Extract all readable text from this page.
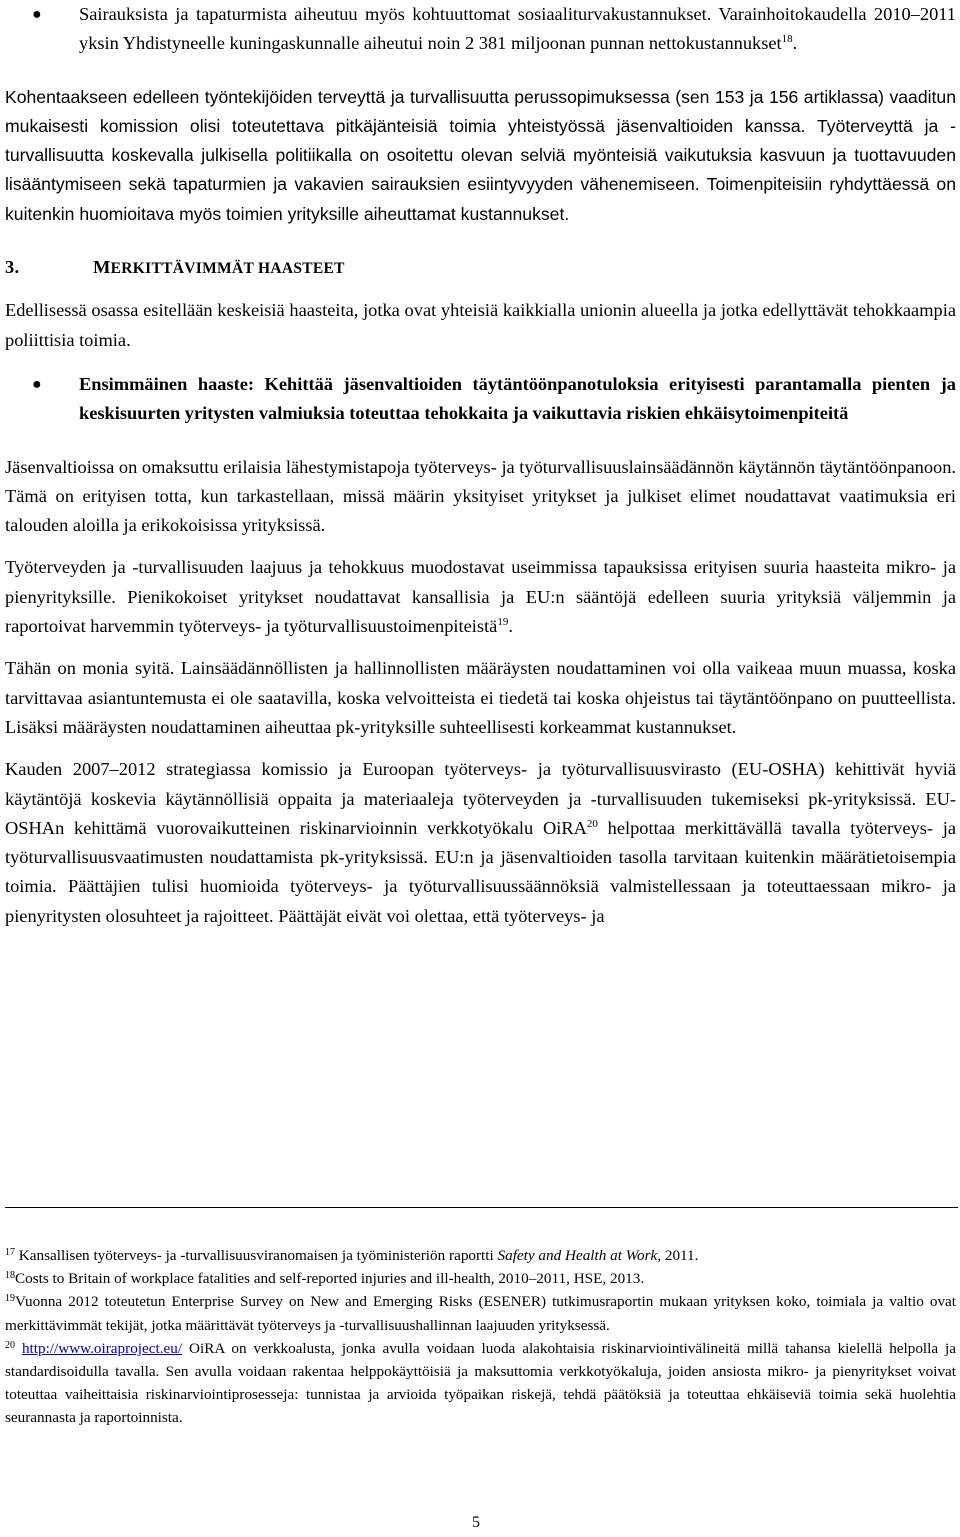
● Sairauksista ja tapaturmista aiheutuu myös kohtuuttomat sosiaaliturvakustannukset. Varainhoitokaudella 2010–2011 yksin Yhdistyneelle kuningaskunnalle aiheutui noin 2 381 miljoonan punnan nettokustannukset$^{18}$.

Kohentaakseen edelleen työntekijöiden terveyttä ja turvallisuutta perussopimuksessa (sen 153 ja 156 artiklassa) vaaditun mukaisesti komission olisi toteutettava pitkäjänteisiä toimia yhteistyössä jäsenvaltioiden kanssa. Työterveyttä ja -turvallisuutta koskevalla julkisella politiikalla on osoitettu olevan selviä myönteisiä vaikutuksia kasvuun ja tuottavuuden lisääntymiseen sekä tapaturmien ja vakavien sairauksien esiintyvyyden vähenemiseen. Toimenpiteisiin ryhdyttäessä on kuitenkin huomioitava myös toimien yrityksille aiheuttamat kustannukset.

3.	MERKITTÄVIMMÄT HAASTEET

Edellisessä osassa esitellään keskeisiä haasteita, jotka ovat yhteisiä kaikkialla unionin alueella ja jotka edellyttävät tehokkaampia poliittisia toimia.

● Ensimmäinen haaste: Kehittää jäsenvaltioiden täytäntöönpanotuloksia erityisesti parantamalla pienten ja keskisuurten yritysten valmiuksia toteuttaa tehokkaita ja vaikuttavia riskien ehkäisytoimenpiteitä

Jäsenvaltioissa on omaksuttu erilaisia lähestymistapoja työterveys- ja työturvallisuuslainsäädännön käytännön täytäntöönpanoon. Tämä on erityisen totta, kun tarkastellaan, missä määrin yksityiset yritykset ja julkiset elimet noudattavat vaatimuksia eri talouden aloilla ja erikokoisissa yrityksissä.

Työterveyden ja -turvallisuuden laajuus ja tehokkuus muodostavat useimmissa tapauksissa erityisen suuria haasteita mikro- ja pienyrityksille. Pienikokoiset yritykset noudattavat kansallisia ja EU:n sääntöjä edelleen suuria yrityksiä väljemmin ja raportoivat harvemmin työterveys- ja työturvallisuustoimenpiteistä$^{19}$.

Tähän on monia syitä. Lainsäädännöllisten ja hallinnollisten määräysten noudattaminen voi olla vaikeaa muun muassa, koska tarvittavaa asiantuntemusta ei ole saatavilla, koska velvoitteista ei tiedetä tai koska ohjeistus tai täytäntöönpano on puutteellista. Lisäksi määräysten noudattaminen aiheuttaa pk-yrityksille suhteellisesti korkeammat kustannukset.

Kauden 2007–2012 strategiassa komissio ja Euroopan työterveys- ja työturvallisuusvirasto (EU-OSHA) kehittivät hyviä käytäntöjä koskevia käytännöllisiä oppaita ja materiaaleja työterveyden ja -turvallisuuden tukemiseksi pk-yrityksissä. EU-OSHAn kehittämä vuorovaikutteinen riskinarvioinnin verkkotyökalu OiRA$^{20}$ helpottaa merkittävällä tavalla työterveys- ja työturvallisuusvaatimusten noudattamista pk-yrityksissä. EU:n ja jäsenvaltioiden tasolla tarvitaan kuitenkin määrätietoisempia toimia. Päättäjien tulisi huomioida työterveys- ja työturvallisuussäännöksiä valmistellessaan ja toteuttaessaan mikro- ja pienyritysten olosuhteet ja rajoitteet. Päättäjät eivät voi olettaa, että työterveys- ja

$^{17}$ Kansallisen työterveys- ja -turvallisuusviranomaisen ja työministeriön raportti Safety and Health at Work, 2011.

$^{18}$Costs to Britain of workplace fatalities and self-reported injuries and ill-health, 2010–2011, HSE, 2013.

$^{19}$Vuonna 2012 toteutetun Enterprise Survey on New and Emerging Risks (ESENER) tutkimusraportin mukaan yrityksen koko, toimiala ja valtio ovat merkittävimmät tekijät, jotka määrittävät työterveys ja -turvallisuushallinnan laajuuden yrityksessä.

$^{20}$ http://www.oiraproject.eu/ OiRA on verkkoalusta, jonka avulla voidaan luoda alakohtaisia riskinarviointivälineitä millä tahansa kielellä helpolla ja standardisoidulla tavalla. Sen avulla voidaan rakentaa helppokäyttöisiä ja maksuttomia verkkotyökaluja, joiden ansiosta mikro- ja pienyritykset voivat toteuttaa vaiheittaisia riskinarviointiprosesseja: tunnistaa ja arvioida työpaikan riskejä, tehdä päätöksiä ja toteuttaa ehkäiseviä toimia sekä huolehtia seurannasta ja raportoinnista.

5
